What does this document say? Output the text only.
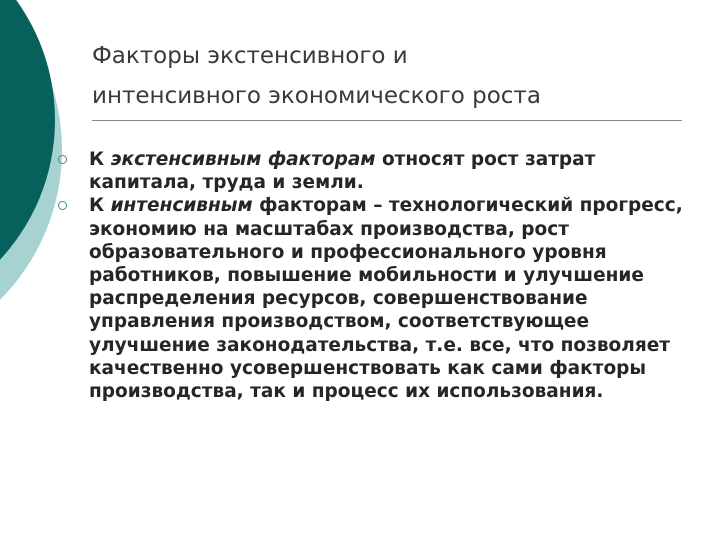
Факторы экстенсивного и
интенсивного экономического роста
К экстенсивным факторам относят рост затрат капитала, труда и земли.
К интенсивным факторам – технологический прогресс, экономию на масштабах производства, рост образовательного и профессионального уровня работников, повышение мобильности и улучшение распределения ресурсов, совершенствование управления производством, соответствующее улучшение законодательства, т.е. все, что позволяет качественно усовершенствовать как сами факторы производства, так и процесс их использования.
